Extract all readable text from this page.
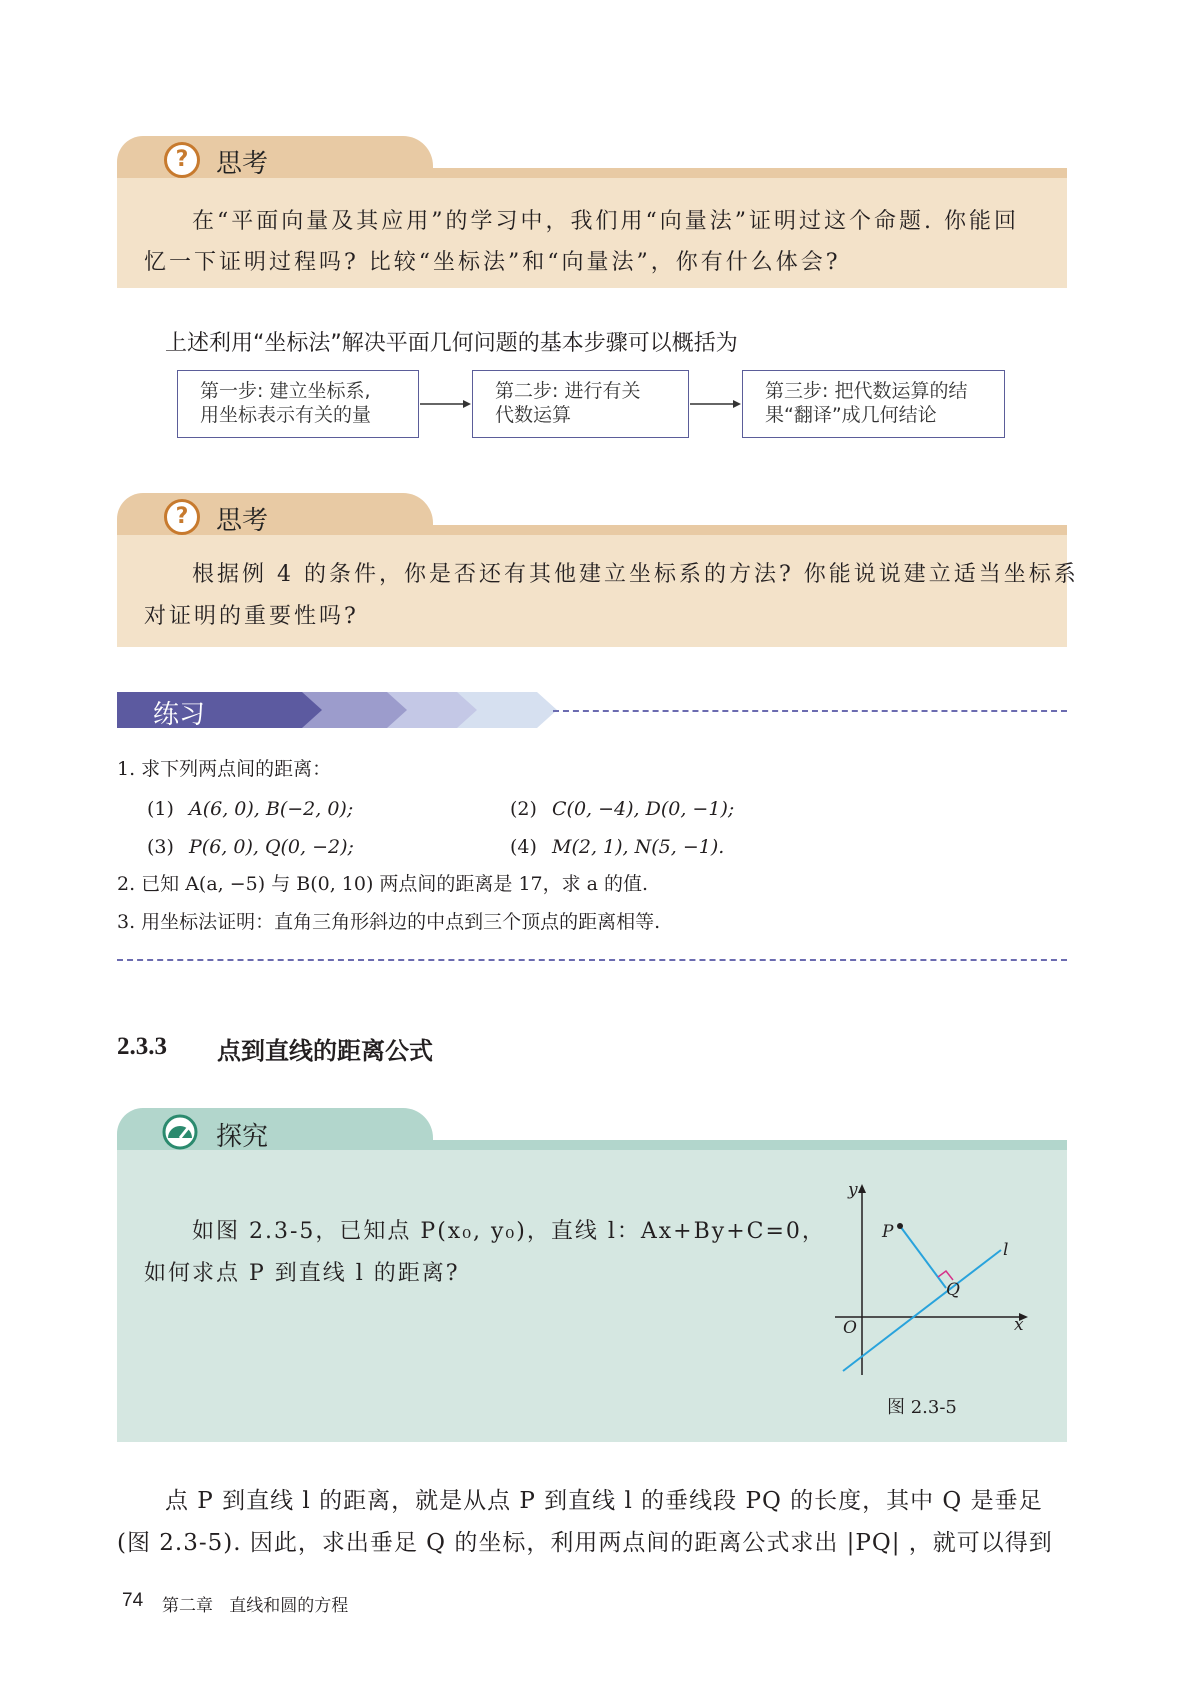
?	思考
在“平面向量及其应用”的学习中，我们用“向量法”证明过这个命题. 你能回
忆一下证明过程吗? 比较“坐标法”和“向量法”，你有什么体会?
上述利用“坐标法”解决平面几何问题的基本步骤可以概括为
第一步: 建立坐标系,
用坐标表示有关的量
第二步: 进行有关
代数运算
第三步: 把代数运算的结
果“翻译”成几何结论
?	思考
根据例 4 的条件，你是否还有其他建立坐标系的方法? 你能说说建立适当坐标系
对证明的重要性吗?
练习
1. 求下列两点间的距离：
(1) A(6, 0), B(−2, 0);	(2) C(0, −4), D(0, −1);
(3) P(6, 0), Q(0, −2);	(4) M(2, 1), N(5, −1).
2. 已知 A(a, −5) 与 B(0, 10) 两点间的距离是 17，求 a 的值.
3. 用坐标法证明：直角三角形斜边的中点到三个顶点的距离相等.
2.3.3 点到直线的距离公式
探究
如图 2.3-5，已知点 P(x₀, y₀)，直线 l：Ax+By+C=0，
如何求点 P 到直线 l 的距离?
y
x
O
P
Q
l
图 2.3-5
点 P 到直线 l 的距离，就是从点 P 到直线 l 的垂线段 PQ 的长度，其中 Q 是垂足
(图 2.3-5). 因此，求出垂足 Q 的坐标，利用两点间的距离公式求出 |PQ| ，就可以得到
74 第二章   直线和圆的方程
